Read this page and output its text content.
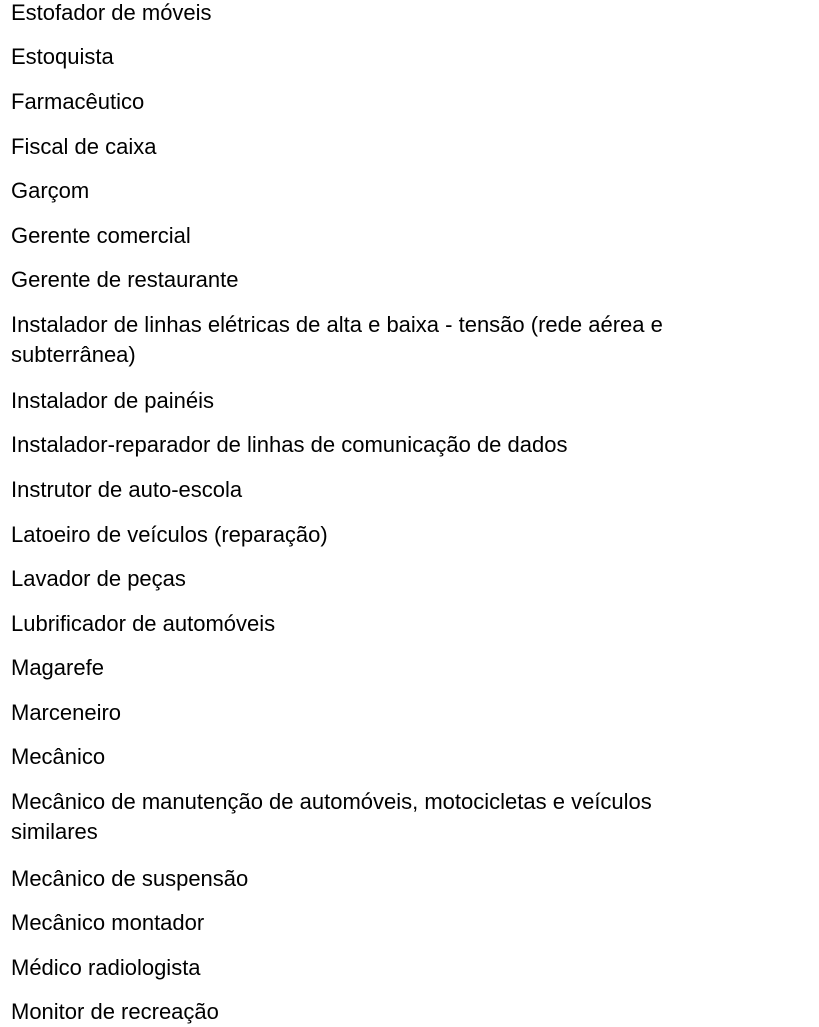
Estofador de móveis

Estoquista

Farmacêutico

Fiscal de caixa

Garçom

Gerente comercial

Gerente de restaurante

Instalador de linhas elétricas de alta e baixa - tensão (rede aérea e

subterrânea)

Instalador de painéis

Instalador-reparador de linhas de comunicação de dados

Instrutor de auto-escola

Latoeiro de veículos (reparação)

Lavador de peças

Lubrificador de automóveis

Magarefe

Marceneiro

Mecânico

Mecânico de manutenção de automóveis, motocicletas e veículos

similares

Mecânico de suspensão

Mecânico montador

Médico radiologista

Monitor de recreação
